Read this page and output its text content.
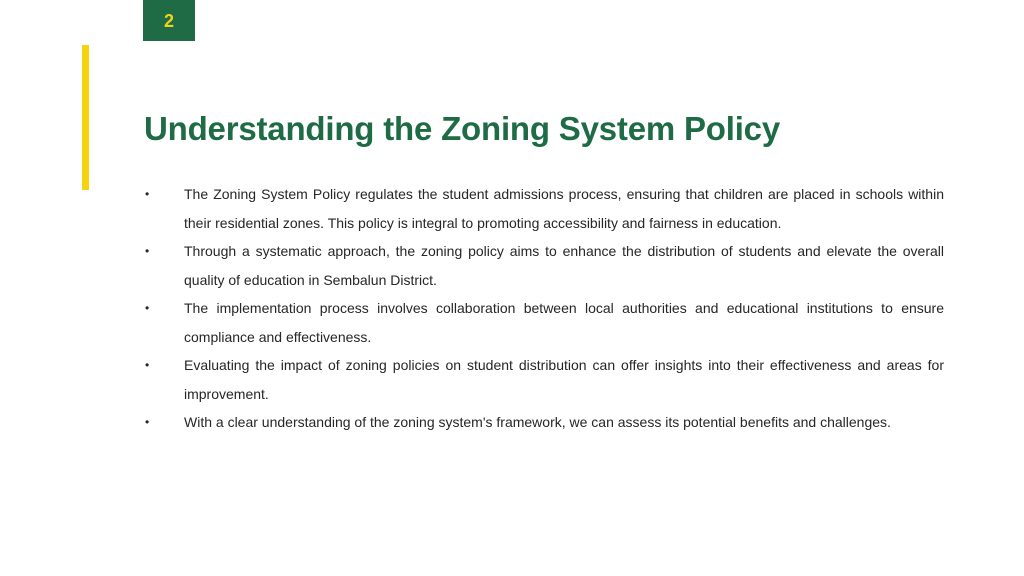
2
Understanding the Zoning System Policy
• The Zoning System Policy regulates the student admissions process, ensuring that children are placed in schools within their residential zones. This policy is integral to promoting accessibility and fairness in education.
• Through a systematic approach, the zoning policy aims to enhance the distribution of students and elevate the overall quality of education in Sembalun District.
• The implementation process involves collaboration between local authorities and educational institutions to ensure compliance and effectiveness.
• Evaluating the impact of zoning policies on student distribution can offer insights into their effectiveness and areas for improvement.
• With a clear understanding of the zoning system's framework, we can assess its potential benefits and challenges.
